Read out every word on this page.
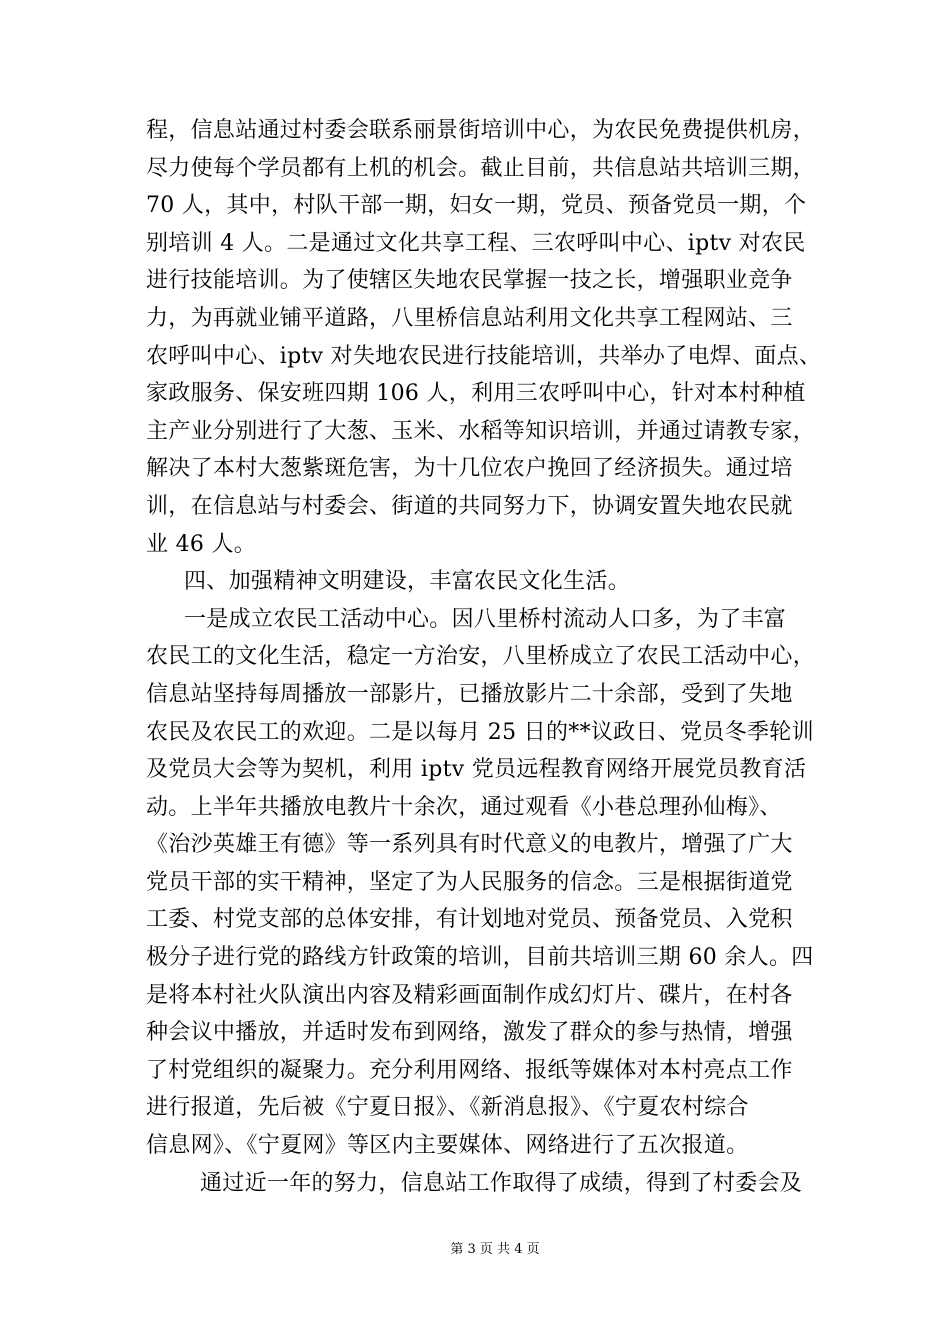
程，信息站通过村委会联系丽景街培训中心，为农民免费提供机房，
尽力使每个学员都有上机的机会。截止目前，共信息站共培训三期，
70 人，其中，村队干部一期，妇女一期，党员、预备党员一期，个
别培训 4 人。二是通过文化共享工程、三农呼叫中心、iptv 对农民
进行技能培训。为了使辖区失地农民掌握一技之长，增强职业竞争
力，为再就业铺平道路，八里桥信息站利用文化共享工程网站、三
农呼叫中心、iptv 对失地农民进行技能培训，共举办了电焊、面点、
家政服务、保安班四期 106 人，利用三农呼叫中心，针对本村种植
主产业分别进行了大葱、玉米、水稻等知识培训，并通过请教专家，
解决了本村大葱紫斑危害，为十几位农户挽回了经济损失。通过培
训，在信息站与村委会、街道的共同努力下，协调安置失地农民就
业 46 人。
四、加强精神文明建设，丰富农民文化生活。
一是成立农民工活动中心。因八里桥村流动人口多，为了丰富
农民工的文化生活，稳定一方治安，八里桥成立了农民工活动中心，
信息站坚持每周播放一部影片，已播放影片二十余部，受到了失地
农民及农民工的欢迎。二是以每月 25 日的**议政日、党员冬季轮训
及党员大会等为契机，利用 iptv 党员远程教育网络开展党员教育活
动。上半年共播放电教片十余次，通过观看《小巷总理孙仙梅》、
《治沙英雄王有德》等一系列具有时代意义的电教片，增强了广大
党员干部的实干精神，坚定了为人民服务的信念。三是根据街道党
工委、村党支部的总体安排，有计划地对党员、预备党员、入党积
极分子进行党的路线方针政策的培训，目前共培训三期 60 余人。四
是将本村社火队演出内容及精彩画面制作成幻灯片、碟片，在村各
种会议中播放，并适时发布到网络，激发了群众的参与热情，增强
了村党组织的凝聚力。充分利用网络、报纸等媒体对本村亮点工作
进行报道，先后被《宁夏日报》、《新消息报》、《宁夏农村综合
信息网》、《宁夏网》等区内主要媒体、网络进行了五次报道。
通过近一年的努力，信息站工作取得了成绩，得到了村委会及
第 3 页 共 4 页
